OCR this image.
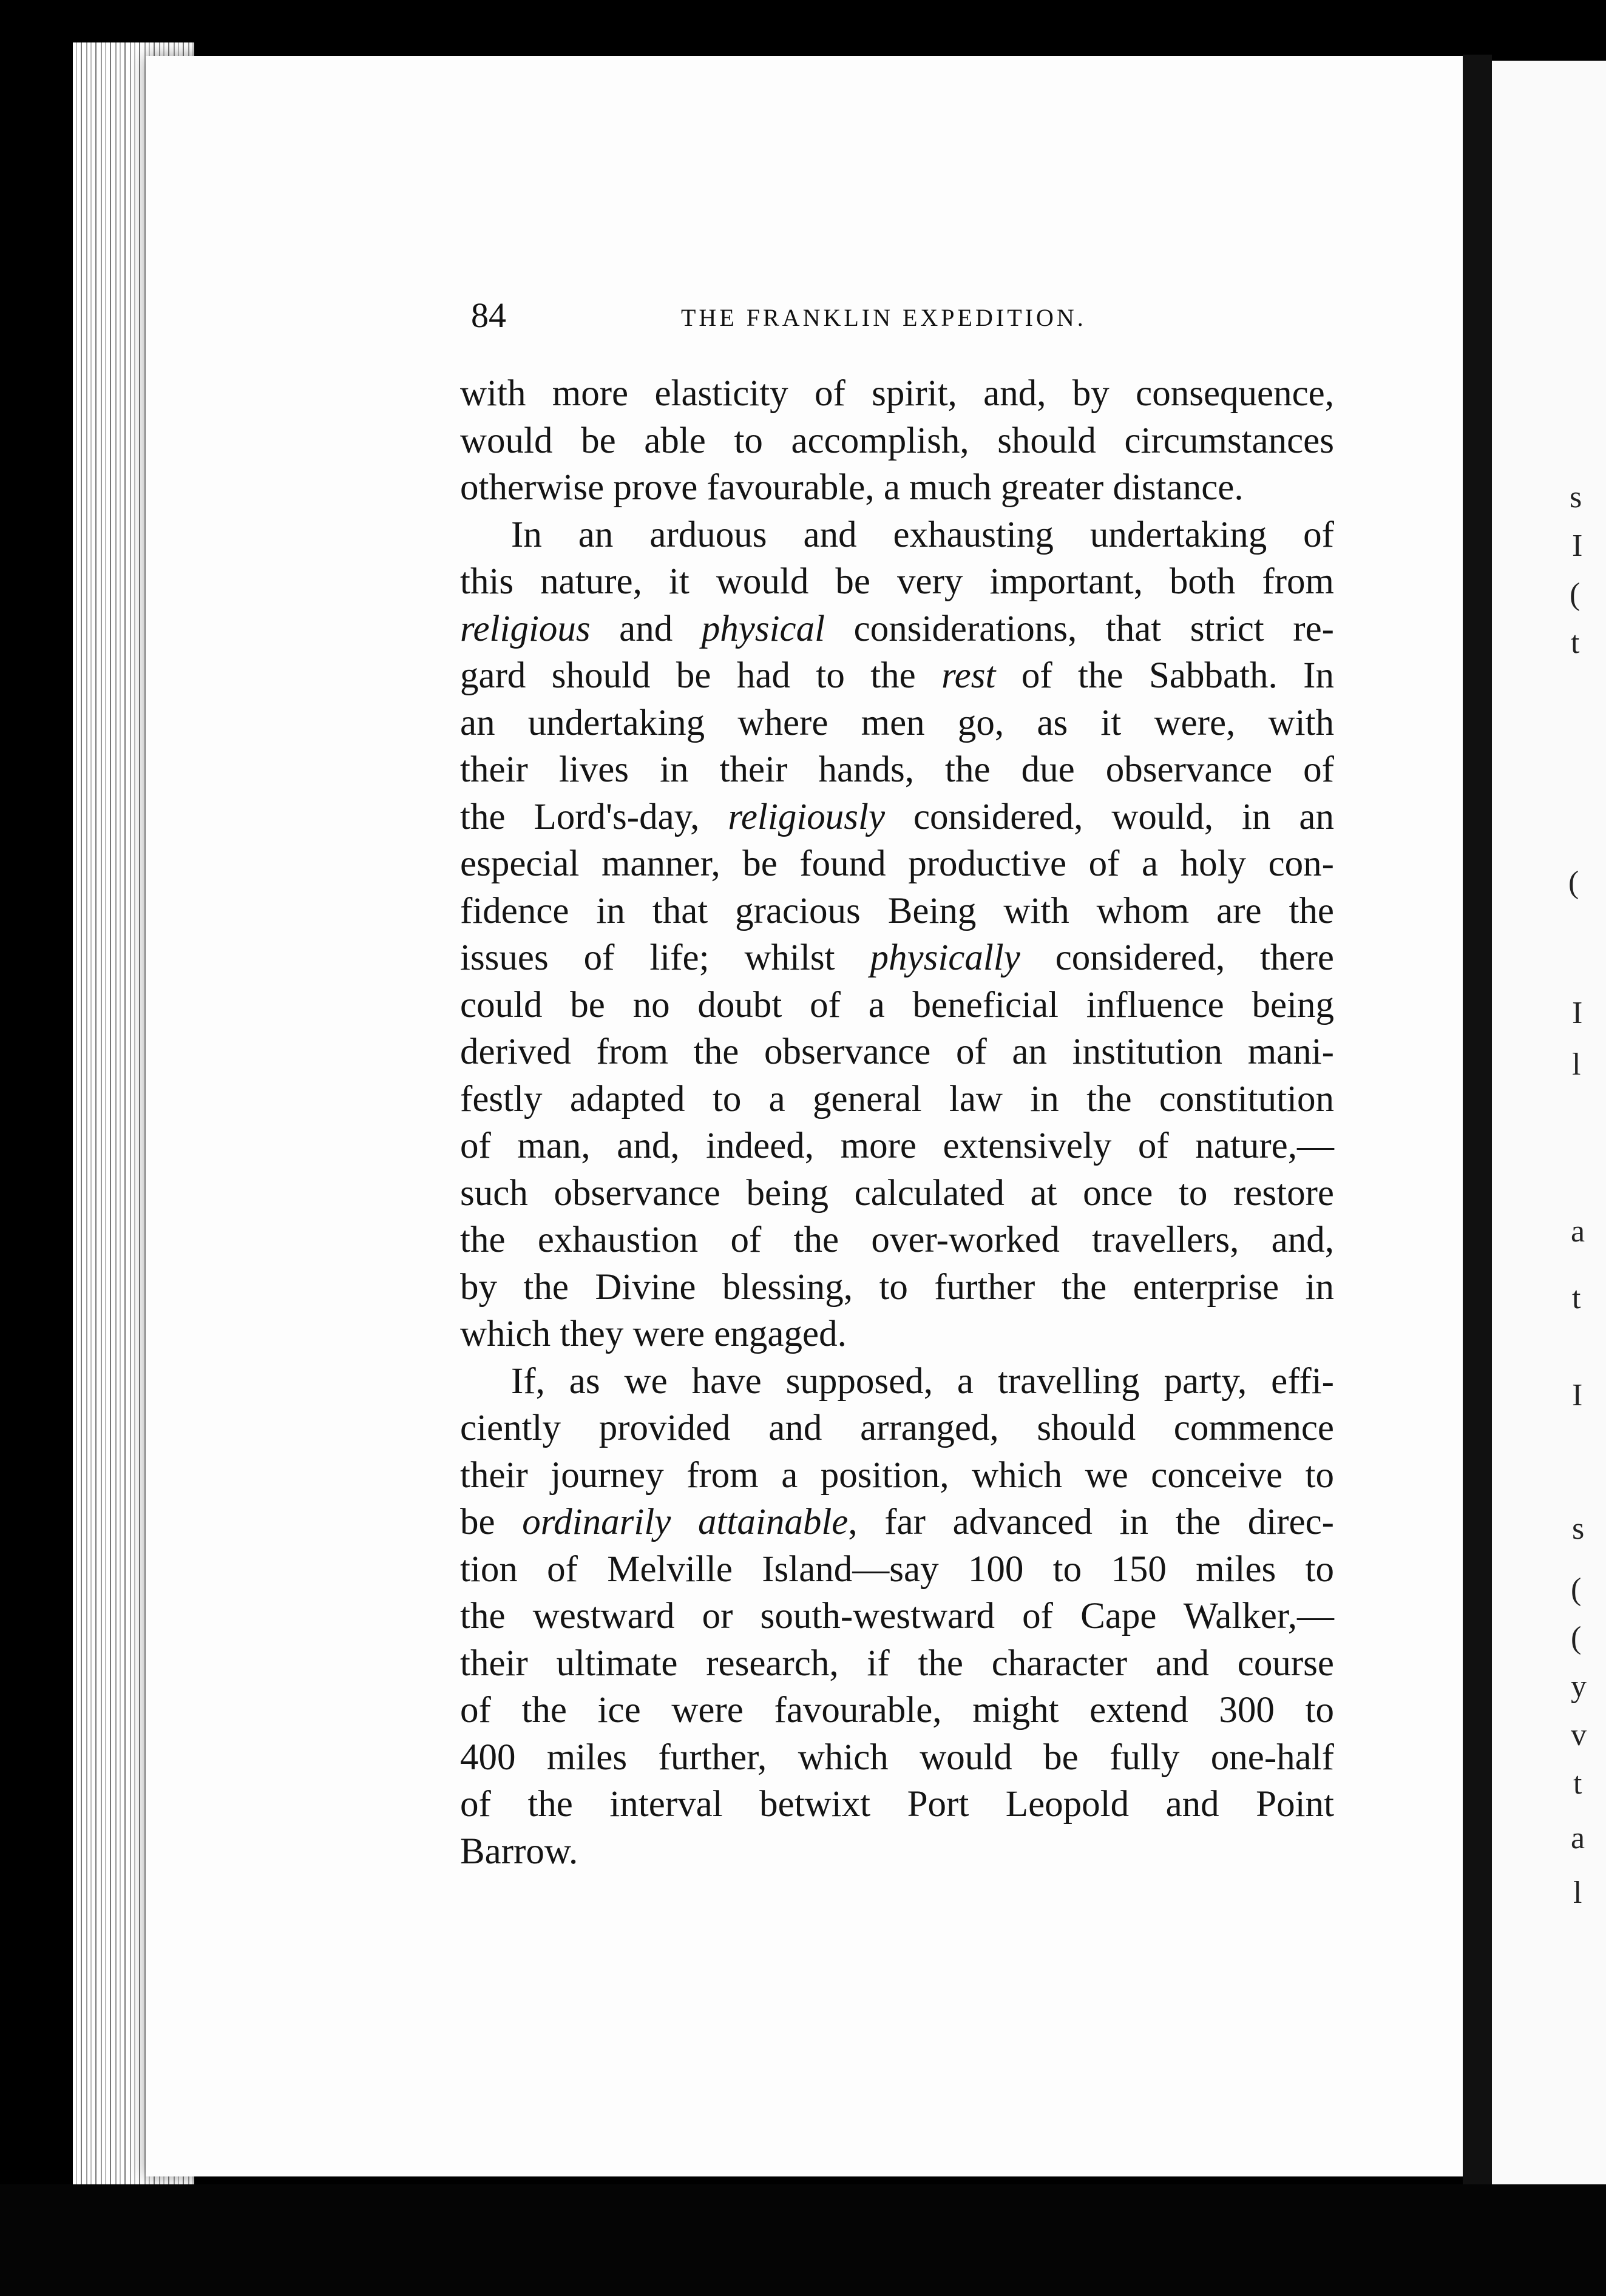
s
I
(
t
(
I
l
a
t
I
s
(
(
y
v
t
a
l
84	THE FRANKLIN EXPEDITION.
with more elasticity of spirit, and, by consequence,
would be able to accomplish, should circumstances
otherwise prove favourable, a much greater distance.
In an arduous and exhausting undertaking of
this nature, it would be very important, both from
religious and physical considerations, that strict re-
gard should be had to the rest of the Sabbath. In
an undertaking where men go, as it were, with
their lives in their hands, the due observance of
the Lord's-day, religiously considered, would, in an
especial manner, be found productive of a holy con-
fidence in that gracious Being with whom are the
issues of life; whilst physically considered, there
could be no doubt of a beneficial influence being
derived from the observance of an institution mani-
festly adapted to a general law in the constitution
of man, and, indeed, more extensively of nature,—
such observance being calculated at once to restore
the exhaustion of the over-worked travellers, and,
by the Divine blessing, to further the enterprise in
which they were engaged.
If, as we have supposed, a travelling party, effi-
ciently provided and arranged, should commence
their journey from a position, which we conceive to
be ordinarily attainable, far advanced in the direc-
tion of Melville Island—say 100 to 150 miles to
the westward or south-westward of Cape Walker,—
their ultimate research, if the character and course
of the ice were favourable, might extend 300 to
400 miles further, which would be fully one-half
of the interval betwixt Port Leopold and Point
Barrow.
